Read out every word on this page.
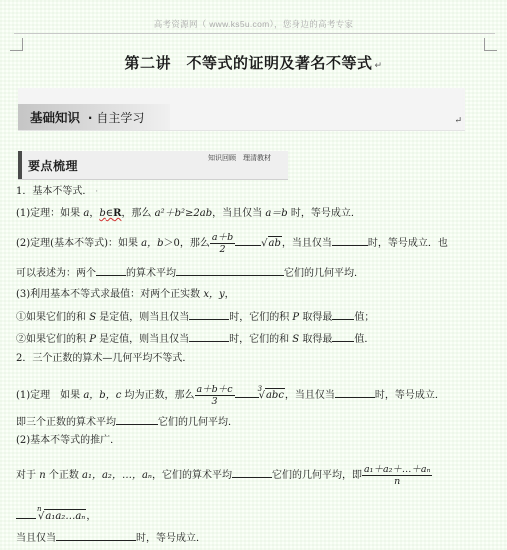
高考资源网（ www.ks5u.com），您身边的高考专家
第二讲　不等式的证明及著名不等式 ↵
基础知识 · 自主学习	↵
要点梳理
知识回顾　理清教材
1．基本不等式． ·
(1)定理：如果 a，b∈R，那么 a²＋b²≥2ab，当且仅当 a＝b 时，等号成立．
(2)定理(基本不等式)：如果 a，b＞0，那么 $\frac{a+b}{2}$	√ab，当且仅当	时，等号成立．也
可以表述为：两个	的算术平均	它们的几何平均．
(3)利用基本不等式求最值：对两个正实数 x，y，
①如果它们的和 S 是定值，则当且仅当	时，它们的积 P 取得最 值；
②如果它们的积 P 是定值，则当且仅当	时，它们的和 S 取得最 值．
2．三个正数的算术—几何平均不等式．
(1)定理　如果 a，b，c 均为正数，那么 $\frac{a+b+c}{3}$	3
√abc，当且仅当	时，等号成立．
即三个正数的算术平均	它们的几何平均．
(2)基本不等式的推广．
对于 n 个正数 a₁，a₂，…，aₙ，它们的算术平均	它们的几何平均，即 $\frac{\text{a₁＋a₂＋…＋aₙ}}{n}$
n
√a₁a₂…aₙ，
当且仅当	时，等号成立．
